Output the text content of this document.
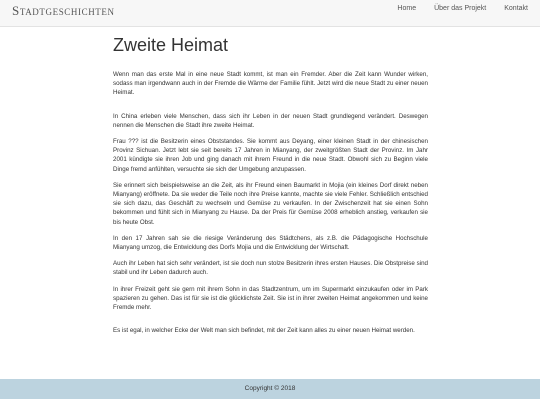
Stadtgeschichten	Home	Über das Projekt	Kontakt
Zweite Heimat

Wenn man das erste Mal in eine neue Stadt kommt, ist man ein Fremder. Aber die Zeit kann Wunder wirken, sodass man irgendwann auch in der Fremde die Wärme der Familie fühlt. Jetzt wird die neue Stadt zu einer neuen Heimat.

In China erleben viele Menschen, dass sich ihr Leben in der neuen Stadt grundlegend verändert. Deswegen nennen die Menschen die Stadt ihre zweite Heimat.

Frau ??? ist die Besitzerin eines Obststandes. Sie kommt aus Deyang, einer kleinen Stadt in der chinesischen Provinz Sichuan. Jetzt lebt sie seit bereits 17 Jahren in Mianyang, der zweitgrößten Stadt der Provinz. Im Jahr 2001 kündigte sie ihren Job und ging danach mit ihrem Freund in die neue Stadt. Obwohl sich zu Beginn viele Dinge fremd anfühlten, versuchte sie sich der Umgebung anzupassen.

Sie erinnert sich beispielsweise an die Zeit, als ihr Freund einen Baumarkt in Mojia (ein kleines Dorf direkt neben Mianyang) eröffnete. Da sie weder die Teile noch ihre Preise kannte, machte sie viele Fehler. Schließlich entschied sie sich dazu, das Geschäft zu wechseln und Gemüse zu verkaufen. In der Zwischenzeit hat sie einen Sohn bekommen und fühlt sich in Mianyang zu Hause. Da der Preis für Gemüse 2008 erheblich anstieg, verkaufen sie bis heute Obst.

In den 17 Jahren sah sie die riesige Veränderung des Städtchens, als z.B. die Pädagogische Hochschule Mianyang umzog, die Entwicklung des Dorfs Mojia und die Entwicklung der Wirtschaft.

Auch ihr Leben hat sich sehr verändert, ist sie doch nun stolze Besitzerin ihres ersten Hauses. Die Obstpreise sind stabil und ihr Leben dadurch auch.

In ihrer Freizeit geht sie gern mit ihrem Sohn in das Stadtzentrum, um im Supermarkt einzukaufen oder im Park spazieren zu gehen. Das ist für sie ist die glücklichste Zeit. Sie ist in ihrer zweiten Heimat angekommen und keine Fremde mehr.

Es ist egal, in welcher Ecke der Welt man sich befindet, mit der Zeit kann alles zu einer neuen Heimat werden.

Copyright © 2018
